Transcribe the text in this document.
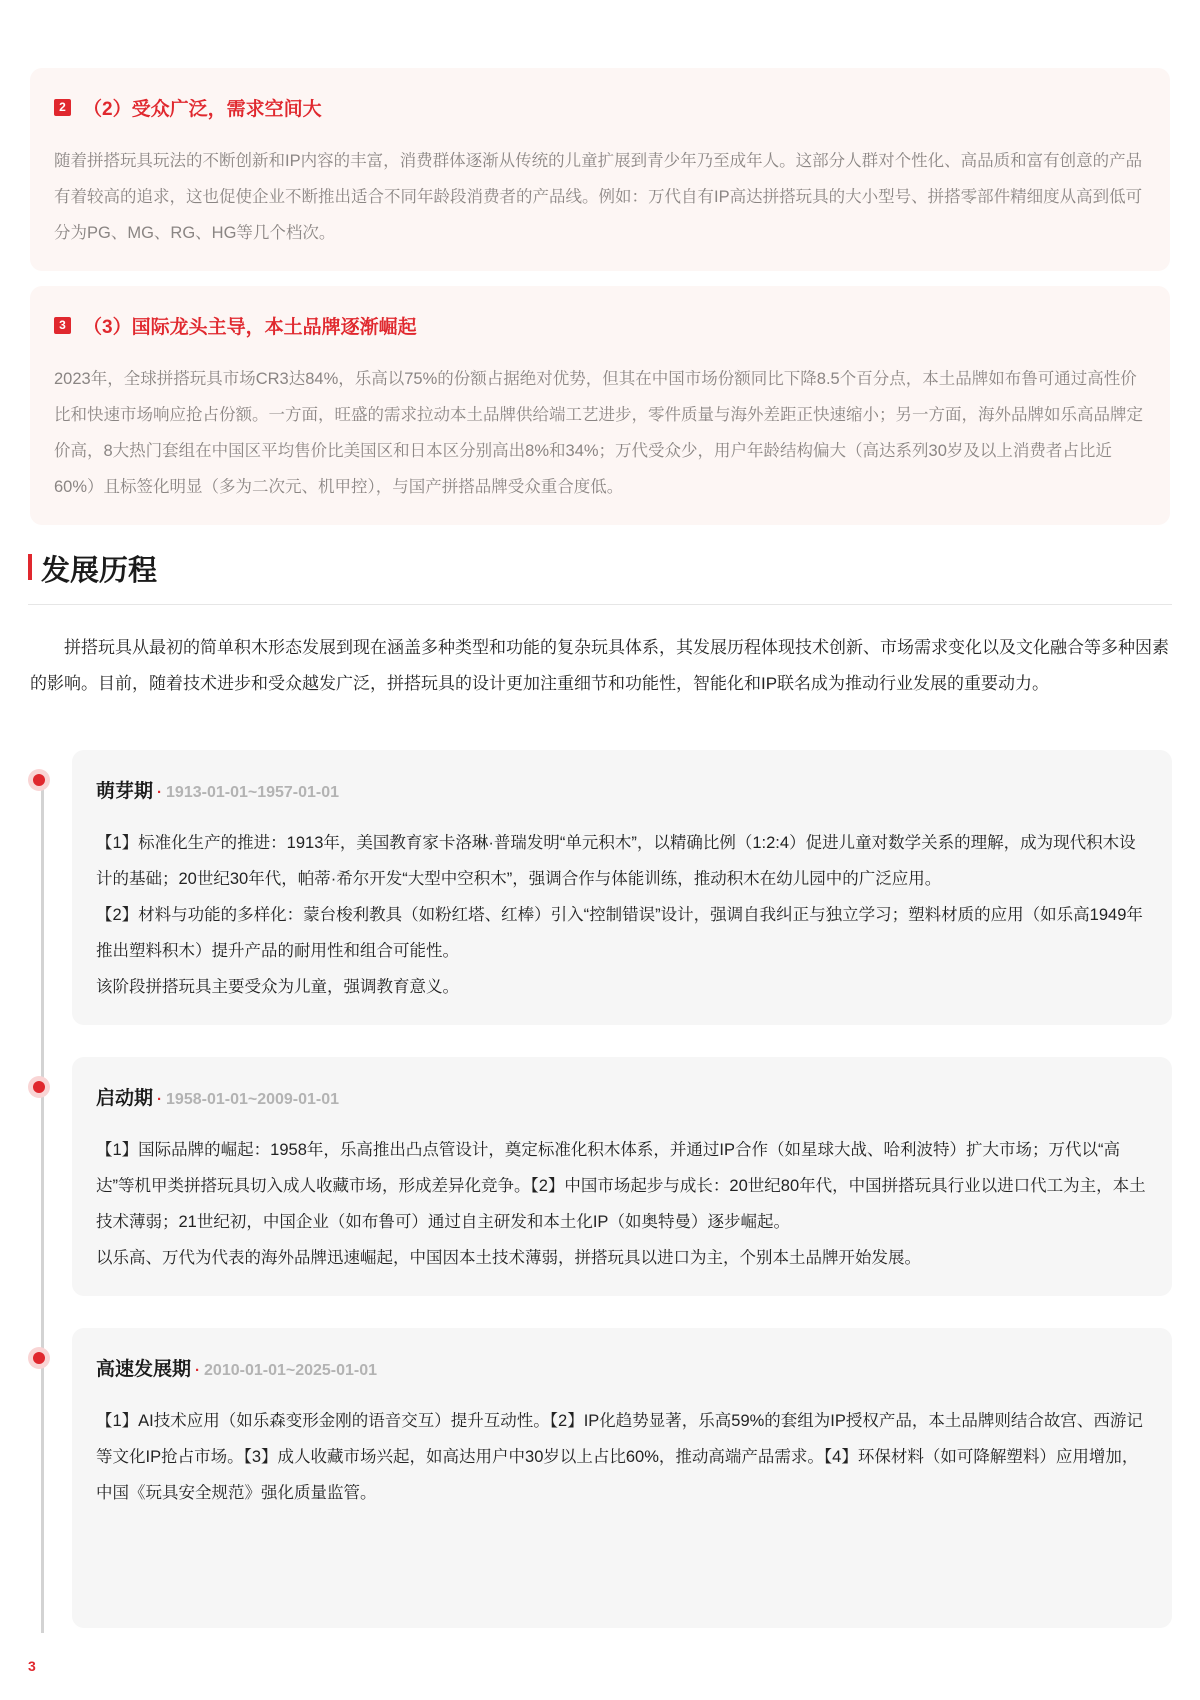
2 （2）受众广泛，需求空间大
随着拼搭玩具玩法的不断创新和IP内容的丰富，消费群体逐渐从传统的儿童扩展到青少年乃至成年人。这部分人群对个性化、高品质和富有创意的产品有着较高的追求，这也促使企业不断推出适合不同年龄段消费者的产品线。例如：万代自有IP高达拼搭玩具的大小型号、拼搭零部件精细度从高到低可分为PG、MG、RG、HG等几个档次。
3 （3）国际龙头主导，本土品牌逐渐崛起
2023年，全球拼搭玩具市场CR3达84%，乐高以75%的份额占据绝对优势，但其在中国市场份额同比下降8.5个百分点，本土品牌如布鲁可通过高性价比和快速市场响应抢占份额。一方面，旺盛的需求拉动本土品牌供给端工艺进步，零件质量与海外差距正快速缩小；另一方面，海外品牌如乐高品牌定价高，8大热门套组在中国区平均售价比美国区和日本区分别高出8%和34%；万代受众少，用户年龄结构偏大（高达系列30岁及以上消费者占比近60%）且标签化明显（多为二次元、机甲控），与国产拼搭品牌受众重合度低。
发展历程
拼搭玩具从最初的简单积木形态发展到现在涵盖多种类型和功能的复杂玩具体系，其发展历程体现技术创新、市场需求变化以及文化融合等多种因素的影响。目前，随着技术进步和受众越发广泛，拼搭玩具的设计更加注重细节和功能性，智能化和IP联名成为推动行业发展的重要动力。
萌芽期 · 1913-01-01~1957-01-01

【1】标准化生产的推进：1913年，美国教育家卡洛琳·普瑞发明“单元积木”，以精确比例（1:2:4）促进儿童对数学关系的理解，成为现代积木设计的基础；20世纪30年代，帕蒂·希尔开发“大型中空积木”，强调合作与体能训练，推动积木在幼儿园中的广泛应用。

【2】材料与功能的多样化：蒙台梭利教具（如粉红塔、红棒）引入“控制错误”设计，强调自我纠正与独立学习；塑料材质的应用（如乐高1949年推出塑料积木）提升产品的耐用性和组合可能性。

该阶段拼搭玩具主要受众为儿童，强调教育意义。

启动期 · 1958-01-01~2009-01-01

【1】国际品牌的崛起：1958年，乐高推出凸点管设计，奠定标准化积木体系，并通过IP合作（如星球大战、哈利波特）扩大市场；万代以“高达”等机甲类拼搭玩具切入成人收藏市场，形成差异化竞争。【2】中国市场起步与成长：20世纪80年代，中国拼搭玩具行业以进口代工为主，本土技术薄弱；21世纪初，中国企业（如布鲁可）通过自主研发和本土化IP（如奥特曼）逐步崛起。

以乐高、万代为代表的海外品牌迅速崛起，中国因本土技术薄弱，拼搭玩具以进口为主，个别本土品牌开始发展。

高速发展期 · 2010-01-01~2025-01-01

【1】AI技术应用（如乐森变形金刚的语音交互）提升互动性。【2】IP化趋势显著，乐高59%的套组为IP授权产品，本土品牌则结合故宫、西游记等文化IP抢占市场。【3】成人收藏市场兴起，如高达用户中30岁以上占比60%，推动高端产品需求。【4】环保材料（如可降解塑料）应用增加，中国《玩具安全规范》强化质量监管。

3
